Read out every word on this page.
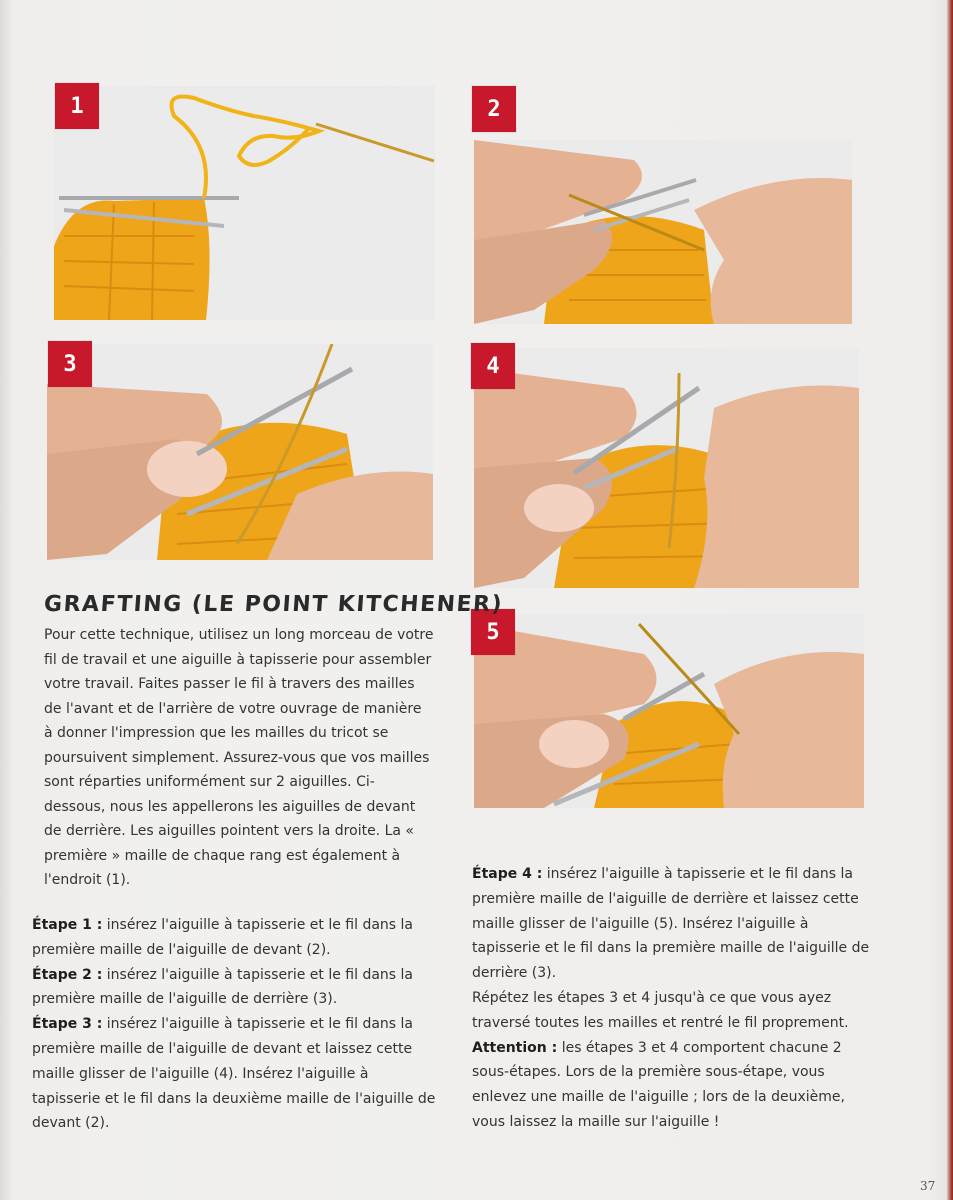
1	2
3	4
5
GRAFTING (LE POINT KITCHENER)
Pour cette technique, utilisez un long morceau de votre fil de travail et une aiguille à tapisserie pour assembler votre travail. Faites passer le fil à travers des mailles de l'avant et de l'arrière de votre ouvrage de manière à donner l'impression que les mailles du tricot se poursuivent simplement. Assurez-vous que vos mailles sont réparties uniformément sur 2 aiguilles. Ci-dessous, nous les appellerons les aiguilles de devant de derrière. Les aiguilles pointent vers la droite. La « première » maille de chaque rang est également à l'endroit (1).

Étape 1 : insérez l'aiguille à tapisserie et le fil dans la première maille de l'aiguille de devant (2).

Étape 2 : insérez l'aiguille à tapisserie et le fil dans la première maille de l'aiguille de derrière (3).

Étape 3 : insérez l'aiguille à tapisserie et le fil dans la première maille de l'aiguille de devant et laissez cette maille glisser de l'aiguille (4). Insérez l'aiguille à tapisserie et le fil dans la deuxième maille de l'aiguille de devant (2).

Étape 4 : insérez l'aiguille à tapisserie et le fil dans la première maille de l'aiguille de derrière et laissez cette maille glisser de l'aiguille (5). Insérez l'aiguille à tapisserie et le fil dans la première maille de l'aiguille de derrière (3).

Répétez les étapes 3 et 4 jusqu'à ce que vous ayez traversé toutes les mailles et rentré le fil proprement.

Attention : les étapes 3 et 4 comportent chacune 2 sous-étapes. Lors de la première sous-étape, vous enlevez une maille de l'aiguille ; lors de la deuxième, vous laissez la maille sur l'aiguille !

37
